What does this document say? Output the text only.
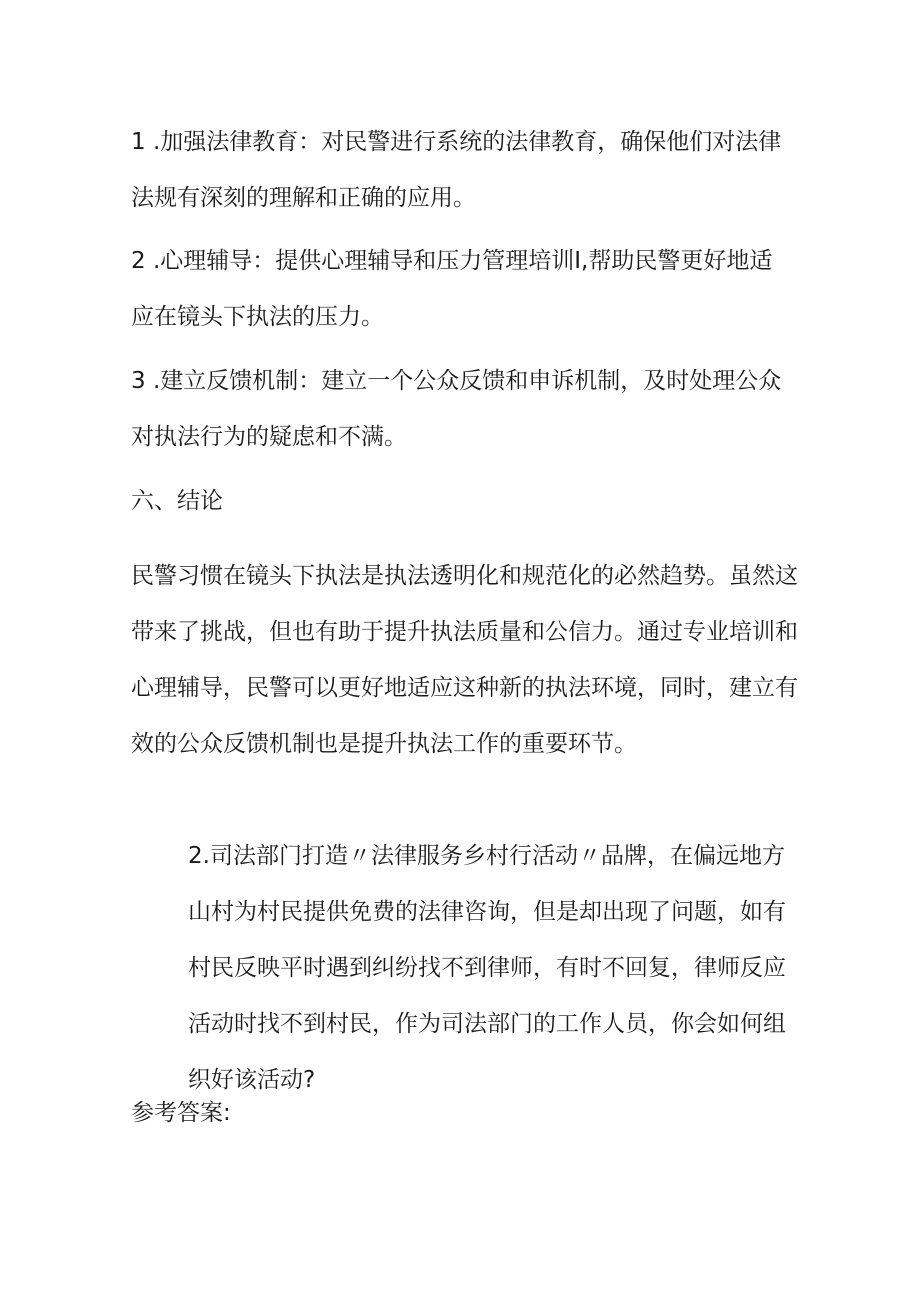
1 .加强法律教育：对民警进行系统的法律教育，确保他们对法律
法规有深刻的理解和正确的应用。

2 .心理辅导：提供心理辅导和压力管理培训I,帮助民警更好地适
应在镜头下执法的压力。

3 .建立反馈机制：建立一个公众反馈和申诉机制，及时处理公众
对执法行为的疑虑和不满。

六、结论

民警习惯在镜头下执法是执法透明化和规范化的必然趋势。虽然这
带来了挑战，但也有助于提升执法质量和公信力。通过专业培训和
心理辅导，民警可以更好地适应这种新的执法环境，同时，建立有
效的公众反馈机制也是提升执法工作的重要环节。

2.司法部门打造〃法律服务乡村行活动〃品牌，在偏远地方
山村为村民提供免费的法律咨询，但是却出现了问题，如有
村民反映平时遇到纠纷找不到律师，有时不回复，律师反应
活动时找不到村民，作为司法部门的工作人员，你会如何组
织好该活动?

参考答案:
